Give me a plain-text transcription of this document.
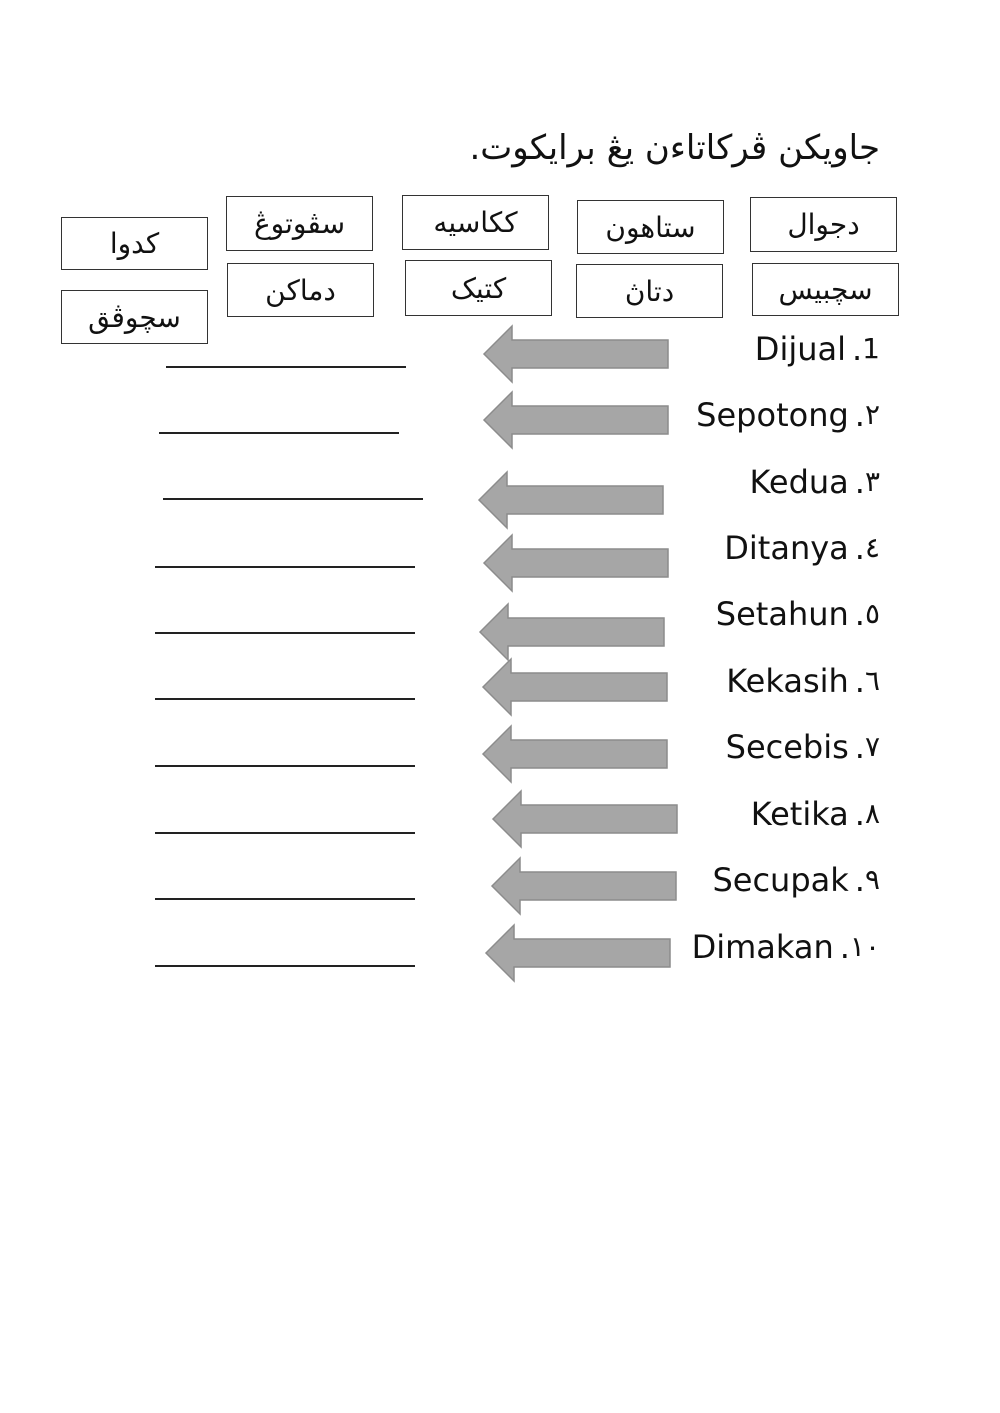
جاويكن ڤركاتاءن يڠ برايكوت.
دجوال
ستاهون
ككاسيه
سڤوتوڠ
كدوا
سچبيس
دتاڽ
كتيک
دماكن
سچوڤق
Dijual . 1
Sepotong . ٢
Kedua . ٣
Ditanya . ٤
Setahun . ٥
Kekasih . ٦
Secebis . ٧
Ketika . ٨
Secupak . ٩
Dimakan . ١٠
